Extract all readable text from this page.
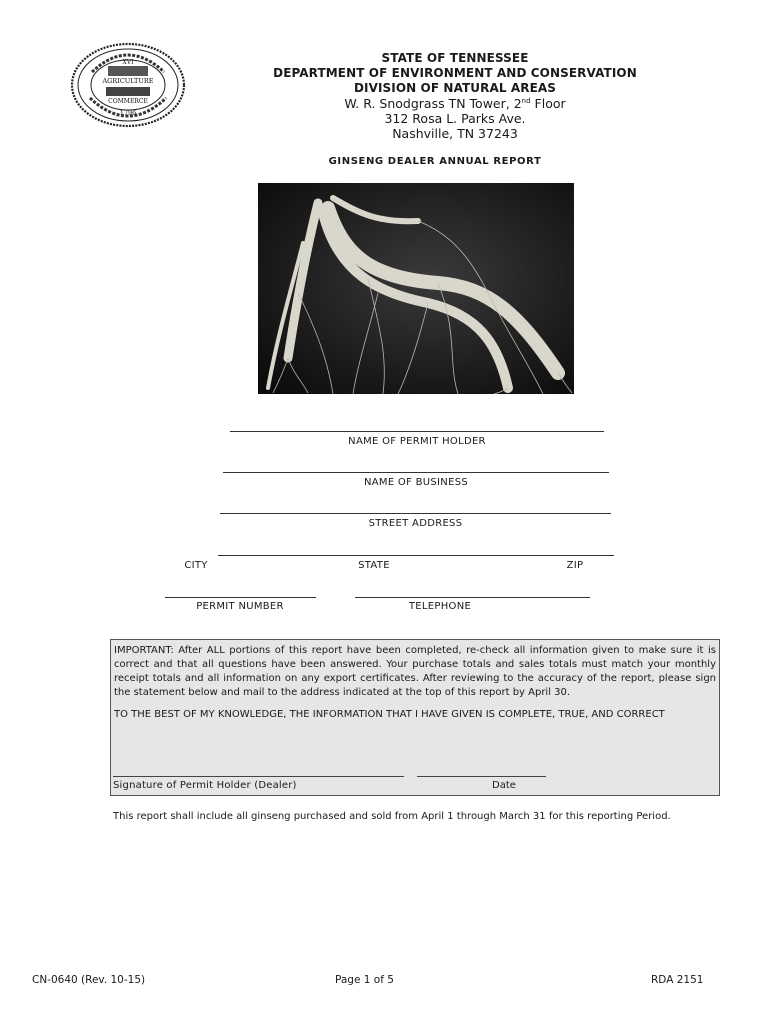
XVI
AGRICULTURE
COMMERCE
1796
STATE OF TENNESSEE
DEPARTMENT OF ENVIRONMENT AND CONSERVATION
DIVISION OF NATURAL AREAS
W. R. Snodgrass TN Tower, 2nd Floor
312 Rosa L. Parks Ave.
Nashville, TN 37243
GINSENG DEALER ANNUAL REPORT
NAME OF PERMIT HOLDER
NAME OF BUSINESS
STREET ADDRESS
CITY	STATE	ZIP
PERMIT NUMBER	TELEPHONE

IMPORTANT: After ALL portions of this report have been completed, re-check all information given to make sure it is correct and that all questions have been answered. Your purchase totals and sales totals must match your monthly receipt totals and all information on any export certificates. After reviewing to the accuracy of the report, please sign the statement below and mail to the address indicated at the top of this report by April 30.

TO THE BEST OF MY KNOWLEDGE, THE INFORMATION THAT I HAVE GIVEN IS COMPLETE, TRUE, AND CORRECT

Signature of Permit Holder (Dealer)	Date
This report shall include all ginseng purchased and sold from April 1 through March 31 for this reporting Period.
CN-0640 (Rev. 10-15)	Page 1 of 5	RDA 2151
